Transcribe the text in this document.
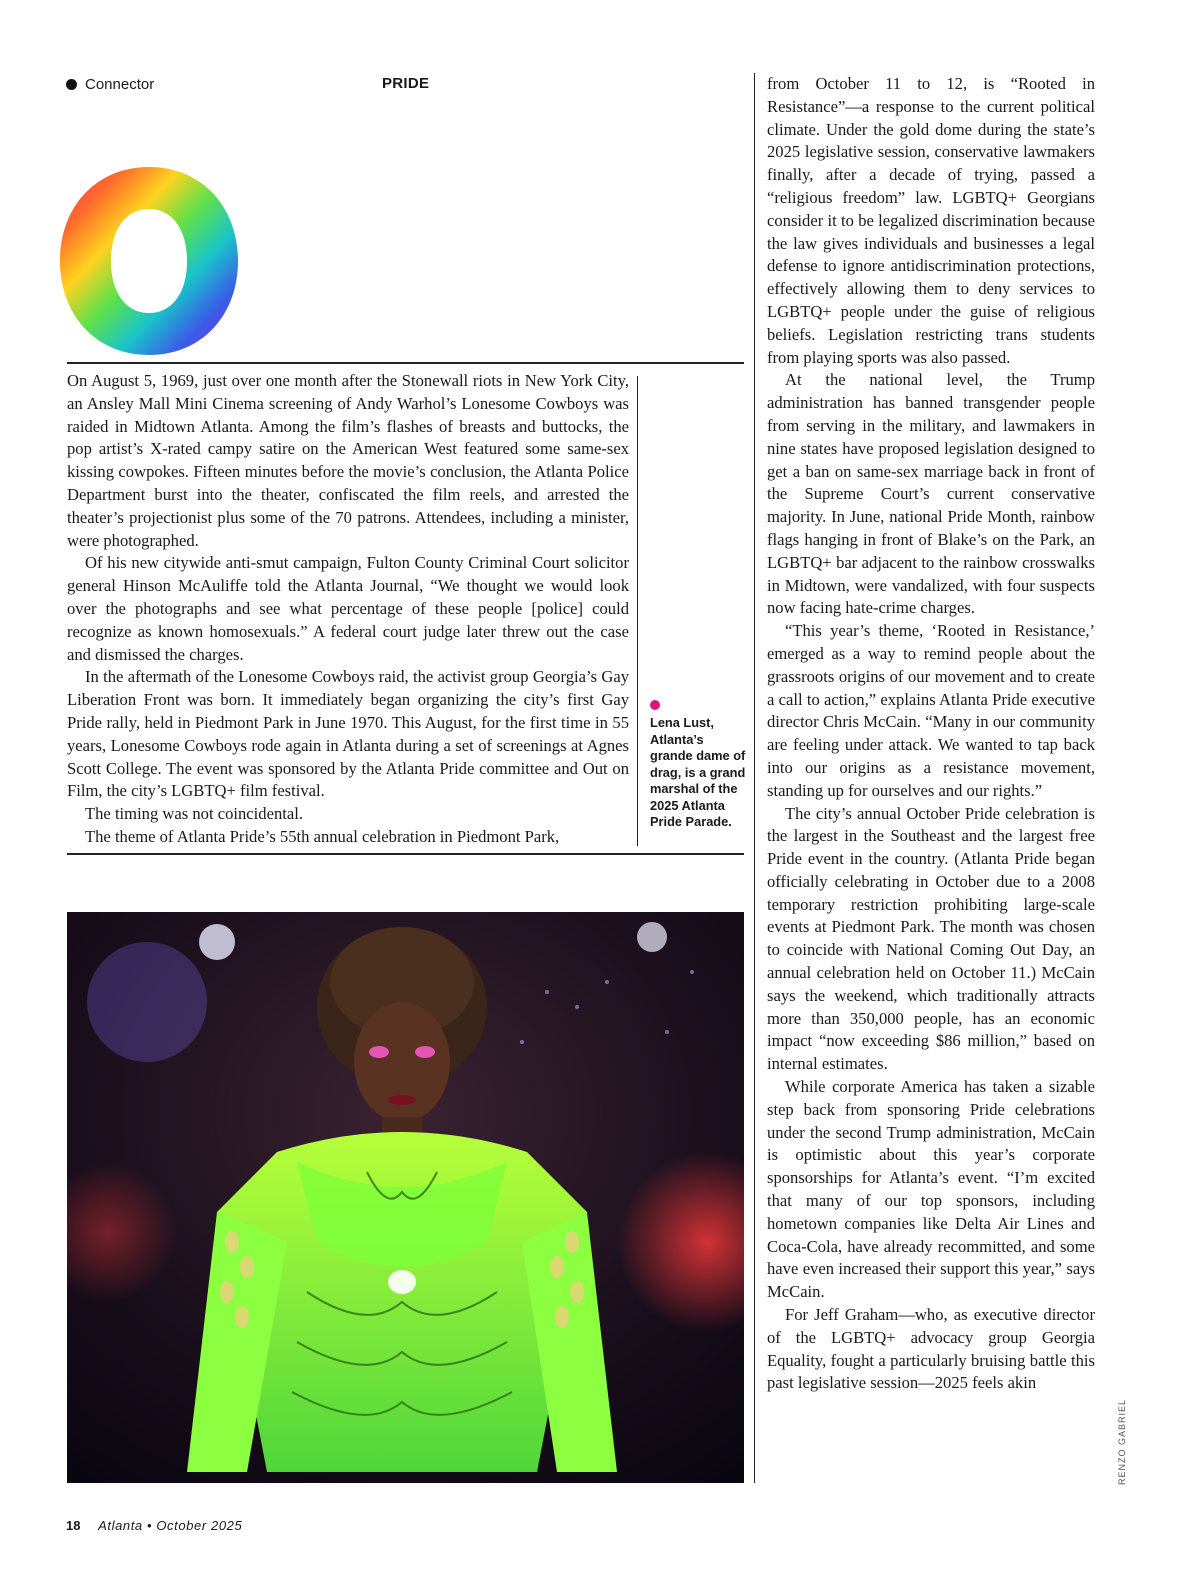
Connector	PRIDE

On August 5, 1969, just over one month after the Stonewall riots in New York City, an Ansley Mall Mini Cinema screening of Andy Warhol’s Lonesome Cowboys was raided in Midtown Atlanta. Among the film’s flashes of breasts and buttocks, the pop artist’s X-rated campy satire on the American West featured some same-sex kissing cowpokes. Fifteen minutes before the movie’s conclusion, the Atlanta Police Department burst into the theater, confiscated the film reels, and arrested the theater’s projectionist plus some of the 70 patrons. Attendees, including a minister, were photographed.

Of his new citywide anti-smut campaign, Fulton County Criminal Court solicitor general Hinson McAuliffe told the Atlanta Journal, “We thought we would look over the photographs and see what percentage of these people [police] could recognize as known homosexuals.” A federal court judge later threw out the case and dismissed the charges.

In the aftermath of the Lonesome Cowboys raid, the activist group Georgia’s Gay Liberation Front was born. It immediately began organizing the city’s first Gay Pride rally, held in Piedmont Park in June 1970. This August, for the first time in 55 years, Lonesome Cowboys rode again in Atlanta during a set of screenings at Agnes Scott College. The event was sponsored by the Atlanta Pride committee and Out on Film, the city’s LGBTQ+ film festival.

The timing was not coincidental.

The theme of Atlanta Pride’s 55th annual celebration in Piedmont Park,

Lena Lust, Atlanta’s grande dame of drag, is a grand marshal of the 2025 Atlanta Pride Parade.

from October 11 to 12, is “Rooted in Resistance”—a response to the current political climate. Under the gold dome during the state’s 2025 legislative session, conservative lawmakers finally, after a decade of trying, passed a “religious freedom” law. LGBTQ+ Georgians consider it to be legalized discrimination because the law gives individuals and businesses a legal defense to ignore antidiscrimination protections, effectively allowing them to deny services to LGBTQ+ people under the guise of religious beliefs. Legislation restricting trans students from playing sports was also passed.

At the national level, the Trump administration has banned transgender people from serving in the military, and lawmakers in nine states have proposed legislation designed to get a ban on same-sex marriage back in front of the Supreme Court’s current conservative majority. In June, national Pride Month, rainbow flags hanging in front of Blake’s on the Park, an LGBTQ+ bar adjacent to the rainbow crosswalks in Midtown, were vandalized, with four suspects now facing hate-crime charges.

“This year’s theme, ‘Rooted in Resistance,’ emerged as a way to remind people about the grassroots origins of our movement and to create a call to action,” explains Atlanta Pride executive director Chris McCain. “Many in our community are feeling under attack. We wanted to tap back into our origins as a resistance movement, standing up for ourselves and our rights.”

The city’s annual October Pride celebration is the largest in the Southeast and the largest free Pride event in the country. (Atlanta Pride began officially celebrating in October due to a 2008 temporary restriction prohibiting large-scale events at Piedmont Park. The month was chosen to coincide with National Coming Out Day, an annual celebration held on October 11.) McCain says the weekend, which traditionally attracts more than 350,000 people, has an economic impact “now exceeding $86 million,” based on internal estimates.

While corporate America has taken a sizable step back from sponsoring Pride celebrations under the second Trump administration, McCain is optimistic about this year’s corporate sponsorships for Atlanta’s event. “I’m excited that many of our top sponsors, including hometown companies like Delta Air Lines and Coca-Cola, have already recommitted, and some have even increased their support this year,” says McCain.

For Jeff Graham—who, as executive director of the LGBTQ+ advocacy group Georgia Equality, fought a particularly bruising battle this past legislative session—2025 feels akin

RENZO GABRIEL
18 Atlanta • October 2025
